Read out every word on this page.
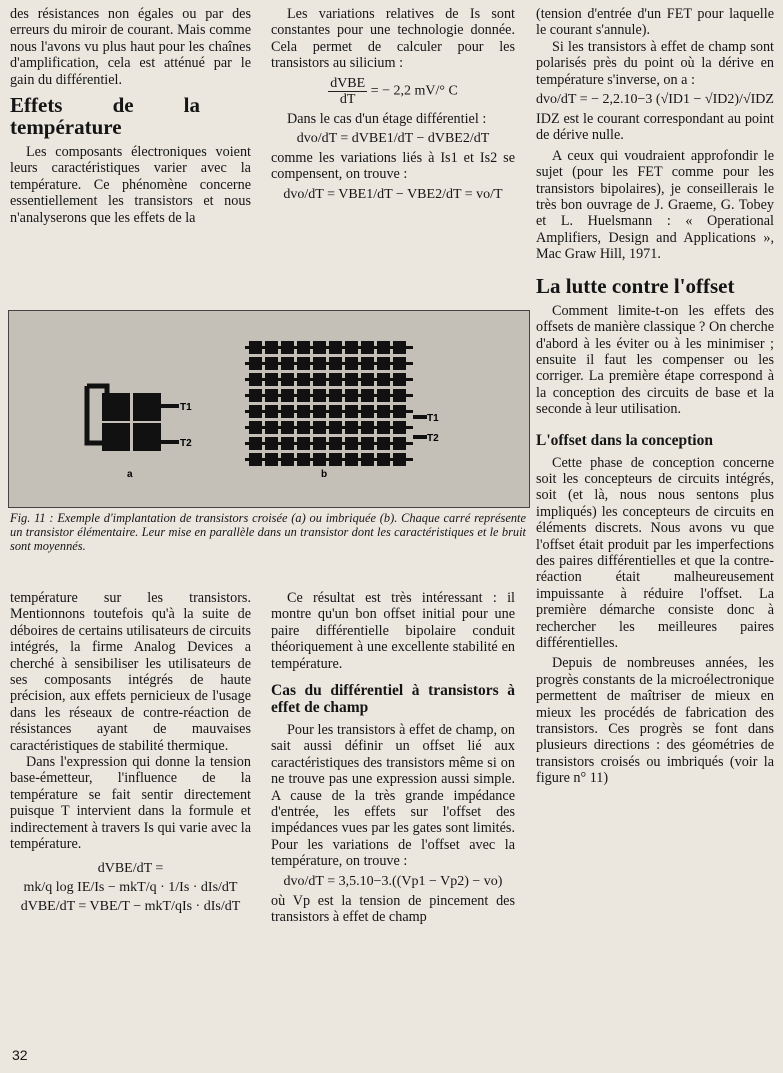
des résistances non égales ou par des erreurs du miroir de courant. Mais comme nous l'avons vu plus haut pour les chaînes d'amplification, cela est atténué par le gain du différentiel.

Effets de la température

Les composants électroniques voient leurs caractéristiques varier avec la température. Ce phénomène concerne essentiellement les transistors et nous n'analyserons que les effets de la

Les variations relatives de Is sont constantes pour une technologie donnée. Cela permet de calculer pour les transistors au silicium :

$\frac{\text{dVBE}}{dT}$ = − 2,2 mV/° C

Dans le cas d'un étage différentiel :

dvo/dT = dVBE1/dT − dVBE2/dT

comme les variations liés à Is1 et Is2 se compensent, on trouve :

dvo/dT = VBE1/dT − VBE2/dT = vo/T

(tension d'entrée d'un FET pour laquelle le courant s'annule).

Si les transistors à effet de champ sont polarisés près du point où la dérive en température s'inverse, on a :

dvo/dT = − 2,2.10−3 (√ID1 − √ID2)/√IDZ

IDZ est le courant correspondant au point de dérive nulle.

A ceux qui voudraient approfondir le sujet (pour les FET comme pour les transistors bipolaires), je conseillerais le très bon ouvrage de J. Graeme, G. Tobey et L. Huelsmann : « Operational Amplifiers, Design and Applications », Mac Graw Hill, 1971.

La lutte contre l'offset

Comment limite-t-on les effets des offsets de manière classique ? On cherche d'abord à les éviter ou à les minimiser ; ensuite il faut les compenser ou les corriger. La première étape correspond à la conception des circuits de base et la seconde à leur utilisation.

L'offset dans la conception

Cette phase de conception concerne soit les concepteurs de circuits intégrés, soit (et là, nous nous sentons plus impliqués) les concepteurs de circuits en éléments discrets. Nous avons vu que l'offset était produit par les imperfections des paires différentielles et que la contre-réaction était malheureusement impuissante à réduire l'offset. La première démarche consiste donc à rechercher les meilleures paires différentielles.

Depuis de nombreuses années, les progrès constants de la microélectronique permettent de maîtriser de mieux en mieux les procédés de fabrication des transistors. Ces progrès se font dans plusieurs directions : des géométries de transistors croisés ou imbriqués (voir la figure n° 11)

T1
T2
a
T1
T2
b
Fig. 11 : Exemple d'implantation de transistors croisée (a) ou imbriquée (b). Chaque carré représente un transistor élémentaire. Leur mise en parallèle dans un transistor dont les caractéristiques et le bruit sont moyennés.

température sur les transistors. Mentionnons toutefois qu'à la suite de déboires de certains utilisateurs de circuits intégrés, la firme Analog Devices a cherché à sensibiliser les utilisateurs de ses composants intégrés de haute précision, aux effets pernicieux de l'usage dans les réseaux de contre-réaction de résistances ayant de mauvaises caractéristiques de stabilité thermique.

Dans l'expression qui donne la tension base-émetteur, l'influence de la température se fait sentir directement puisque T intervient dans la formule et indirectement à travers Is qui varie avec la température.

dVBE/dT =
mk/q log IE/Is − mkT/q · 1/Is · dIs/dT
dVBE/dT = VBE/T − mkT/qIs · dIs/dT

Ce résultat est très intéressant : il montre qu'un bon offset initial pour une paire différentielle bipolaire conduit théoriquement à une excellente stabilité en température.

Cas du différentiel à transistors à effet de champ

Pour les transistors à effet de champ, on sait aussi définir un offset lié aux caractéristiques des transistors même si on ne trouve pas une expression aussi simple. A cause de la très grande impédance d'entrée, les effets sur l'offset des impédances vues par les gates sont limités. Pour les variations de l'offset avec la température, on trouve :

dvo/dT = 3,5.10−3.((Vp1 − Vp2) − vo)

où Vp est la tension de pincement des transistors à effet de champ

32
